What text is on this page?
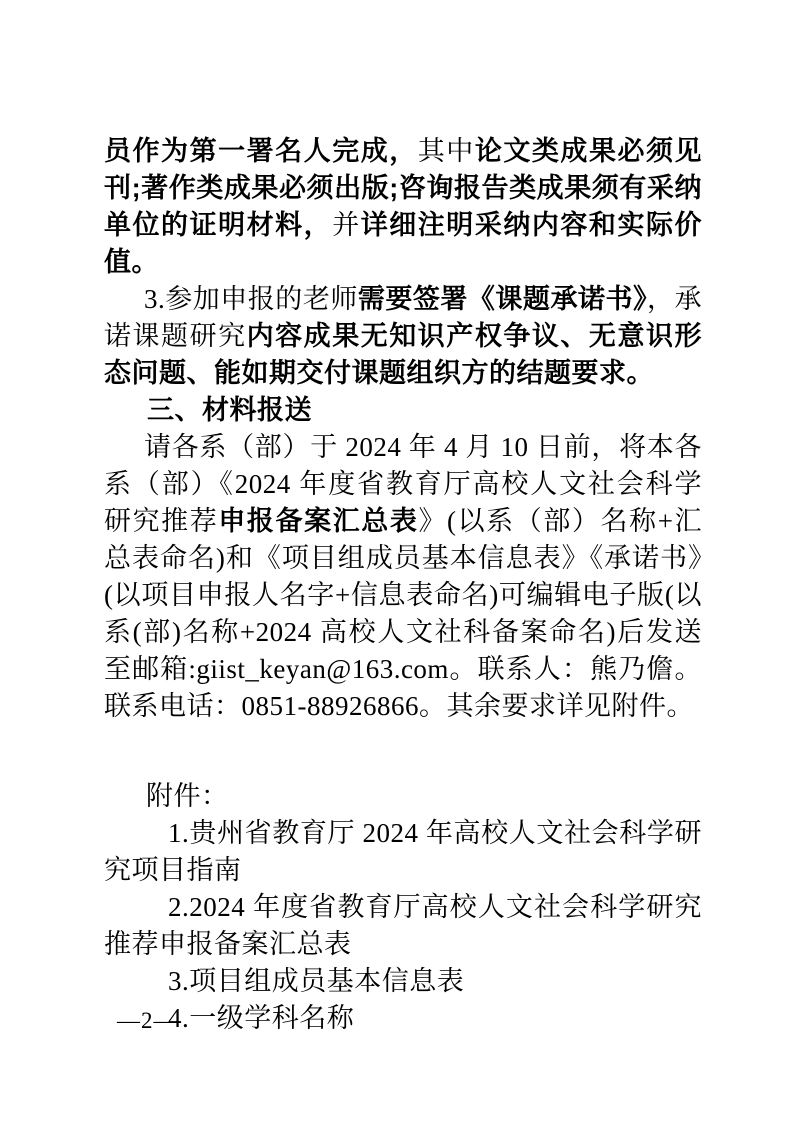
员作为第一署名人完成，其中论文类成果必须见刊;著作类成果必须出版;咨询报告类成果须有采纳单位的证明材料，并详细注明采纳内容和实际价值。

3.参加申报的老师需要签署《课题承诺书》，承诺课题研究内容成果无知识产权争议、无意识形态问题、能如期交付课题组织方的结题要求。

三、材料报送

请各系（部）于 2024 年 4 月 10 日前，将本各系（部）《2024 年度省教育厅高校人文社会科学研究推荐申报备案汇总表》(以系（部）名称+汇总表命名)和《项目组成员基本信息表》《承诺书》(以项目申报人名字+信息表命名)可编辑电子版(以系(部)名称+2024 高校人文社科备案命名)后发送至邮箱:giist_keyan@163.com。联系人：熊乃儋。联系电话：0851-88926866。其余要求详见附件。

附件：

1.贵州省教育厅 2024 年高校人文社会科学研究项目指南

2.2024 年度省教育厅高校人文社会科学研究推荐申报备案汇总表

3.项目组成员基本信息表

4.一级学科名称

—2—
